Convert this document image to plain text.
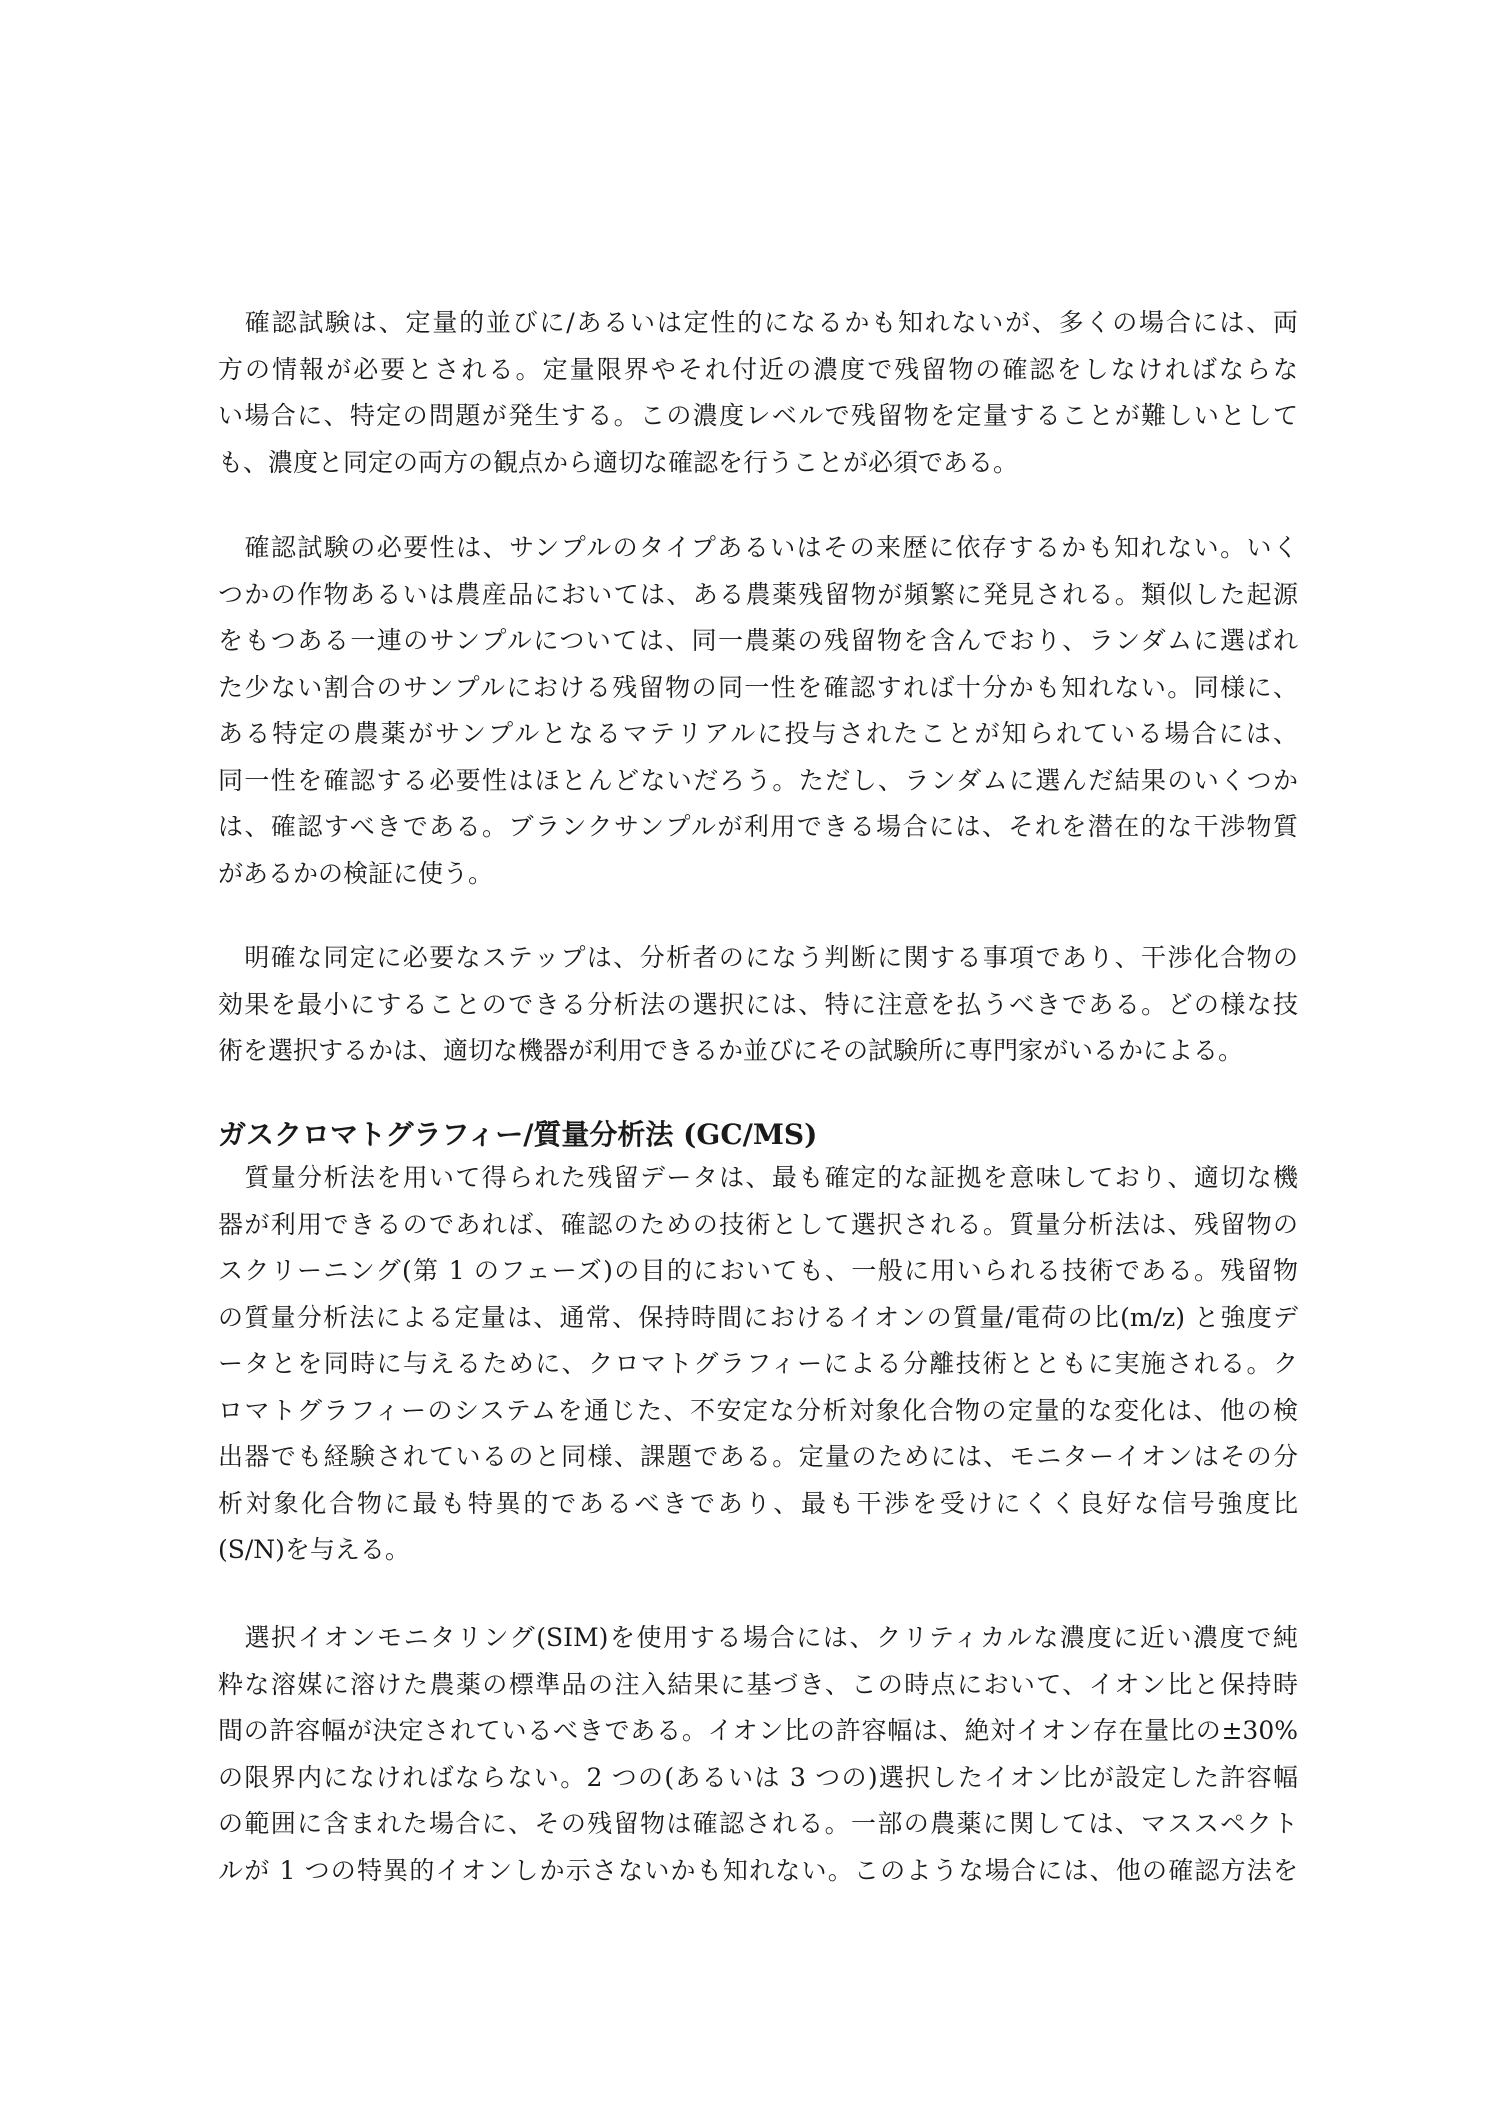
　確認試験は、定量的並びに/あるいは定性的になるかも知れないが、多くの場合には、両
方の情報が必要とされる。定量限界やそれ付近の濃度で残留物の確認をしなければならな
い場合に、特定の問題が発生する。この濃度レベルで残留物を定量することが難しいとして
も、濃度と同定の両方の観点から適切な確認を行うことが必須である。
　確認試験の必要性は、サンプルのタイプあるいはその来歴に依存するかも知れない。いく
つかの作物あるいは農産品においては、ある農薬残留物が頻繁に発見される。類似した起源
をもつある一連のサンプルについては、同一農薬の残留物を含んでおり、ランダムに選ばれ
た少ない割合のサンプルにおける残留物の同一性を確認すれば十分かも知れない。同様に、
ある特定の農薬がサンプルとなるマテリアルに投与されたことが知られている場合には、
同一性を確認する必要性はほとんどないだろう。ただし、ランダムに選んだ結果のいくつか
は、確認すべきである。ブランクサンプルが利用できる場合には、それを潜在的な干渉物質
があるかの検証に使う。
　明確な同定に必要なステップは、分析者のになう判断に関する事項であり、干渉化合物の
効果を最小にすることのできる分析法の選択には、特に注意を払うべきである。どの様な技
術を選択するかは、適切な機器が利用できるか並びにその試験所に専門家がいるかによる。
ガスクロマトグラフィー/質量分析法 (GC/MS)
　質量分析法を用いて得られた残留データは、最も確定的な証拠を意味しており、適切な機
器が利用できるのであれば、確認のための技術として選択される。質量分析法は、残留物の
スクリーニング(第 1 のフェーズ)の目的においても、一般に用いられる技術である。残留物
の質量分析法による定量は、通常、保持時間におけるイオンの質量/電荷の比(m/z) と強度デ
ータとを同時に与えるために、クロマトグラフィーによる分離技術とともに実施される。ク
ロマトグラフィーのシステムを通じた、不安定な分析対象化合物の定量的な変化は、他の検
出器でも経験されているのと同様、課題である。定量のためには、モニターイオンはその分
析対象化合物に最も特異的であるべきであり、最も干渉を受けにくく良好な信号強度比
(S/N)を与える。
　選択イオンモニタリング(SIM)を使用する場合には、クリティカルな濃度に近い濃度で純
粋な溶媒に溶けた農薬の標準品の注入結果に基づき、この時点において、イオン比と保持時
間の許容幅が決定されているべきである。イオン比の許容幅は、絶対イオン存在量比の±30%
の限界内になければならない。2 つの(あるいは 3 つの)選択したイオン比が設定した許容幅
の範囲に含まれた場合に、その残留物は確認される。一部の農薬に関しては、マススペクト
ルが 1 つの特異的イオンしか示さないかも知れない。このような場合には、他の確認方法を
